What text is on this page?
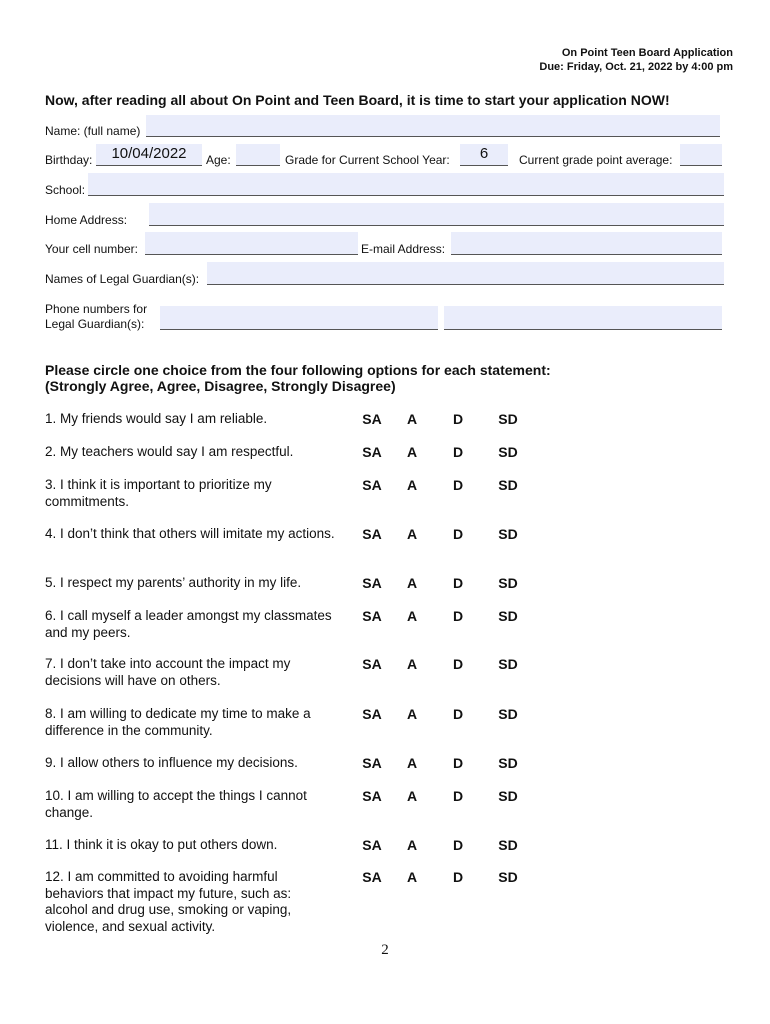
On Point Teen Board Application
Due: Friday, Oct. 21, 2022 by 4:00 pm
Now, after reading all about On Point and Teen Board, it is time to start your application NOW!
Name: (full name)
Birthday:	10/04/2022	Age:	Grade for Current School Year:	6	Current grade point average:
School:
Home Address:
Your cell number:	E-mail Address:
Names of Legal Guardian(s):
Phone numbers for
Legal Guardian(s):
Please circle one choice from the four following options for each statement:
(Strongly Agree, Agree, Disagree, Strongly Disagree)
1. My friends would say I am reliable.	SA	A	D	SD
2. My teachers would say I am respectful.	SA	A	D	SD
3. I think it is important to prioritize my commitments.
SA	A	D	SD
4. I don’t think that others will imitate my actions.	SA	A	D	SD
5. I respect my parents’ authority in my life.	SA	A	D	SD
6. I call myself a leader amongst my classmates and my peers.
SA	A	D	SD
7. I don’t take into account the impact my decisions will have on others.
SA	A	D	SD
8. I am willing to dedicate my time to make a difference in the community.
SA	A	D	SD
9. I allow others to influence my decisions.	SA	A	D	SD
10. I am willing to accept the things I cannot change.
SA	A	D	SD
11. I think it is okay to put others down.	SA	A	D	SD
12. I am committed to avoiding harmful behaviors that impact my future, such as: alcohol and drug use, smoking or vaping, violence, and sexual activity.
SA	A	D	SD
2
